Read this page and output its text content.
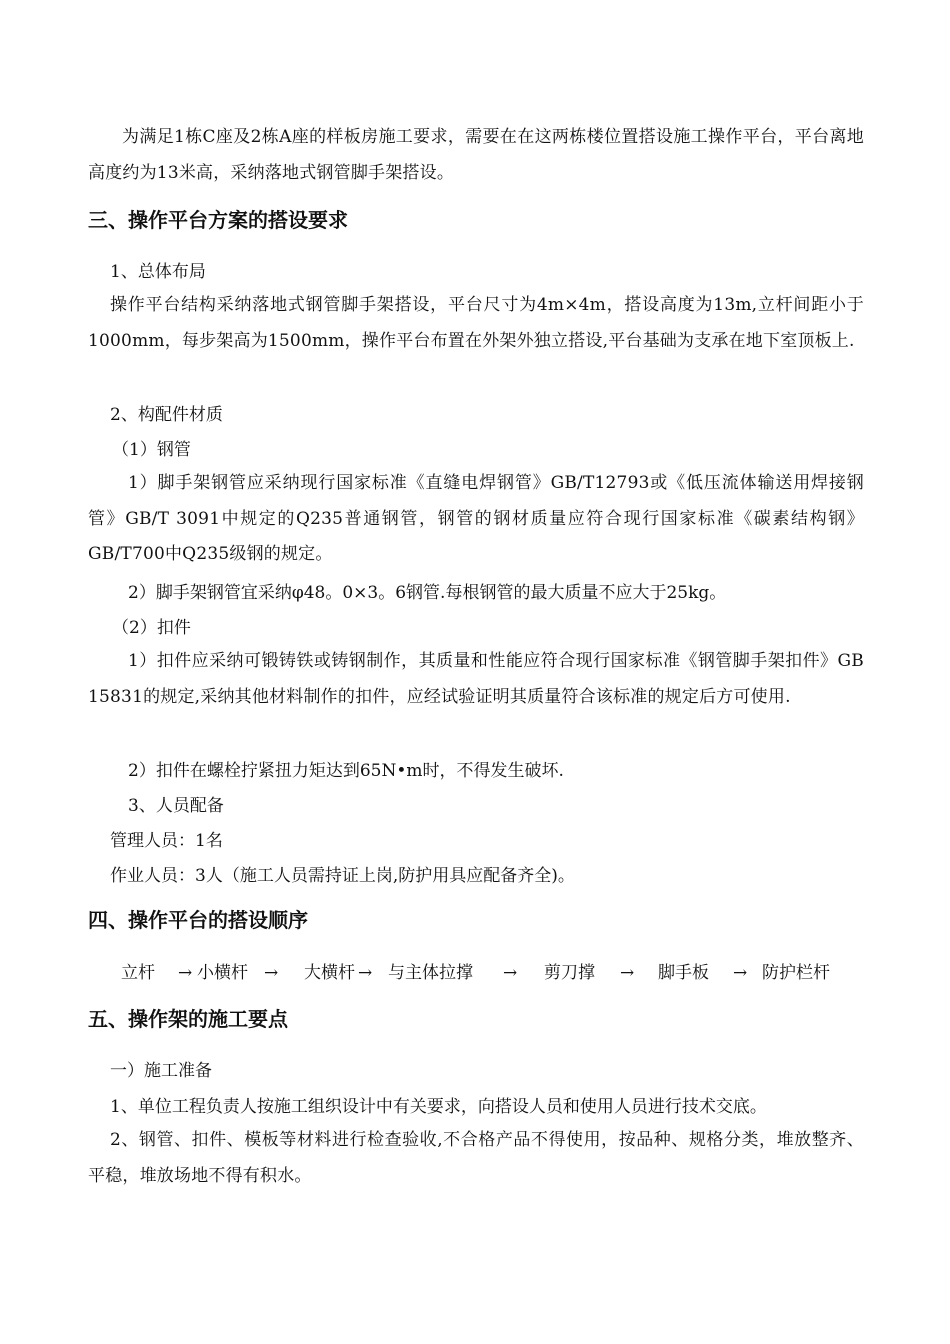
为满足1栋C座及2栋A座的样板房施工要求，需要在在这两栋楼位置搭设施工操作平台，平台离地高度约为13米高，采纳落地式钢管脚手架搭设。

三、操作平台方案的搭设要求

1、总体布局

操作平台结构采纳落地式钢管脚手架搭设，平台尺寸为4m×4m，搭设高度为13m,立杆间距小于1000mm，每步架高为1500mm，操作平台布置在外架外独立搭设,平台基础为支承在地下室顶板上.

2、构配件材质

（1）钢管

1）脚手架钢管应采纳现行国家标准《直缝电焊钢管》GB/T12793或《低压流体输送用焊接钢管》GB/T 3091中规定的Q235普通钢管，钢管的钢材质量应符合现行国家标准《碳素结构钢》GB/T700中Q235级钢的规定。

2）脚手架钢管宜采纳φ48。0×3。6钢管.每根钢管的最大质量不应大于25kg。

（2）扣件

1）扣件应采纳可锻铸铁或铸钢制作，其质量和性能应符合现行国家标准《钢管脚手架扣件》GB 15831的规定,采纳其他材料制作的扣件，应经试验证明其质量符合该标准的规定后方可使用.

2）扣件在螺栓拧紧扭力矩达到65N•m时，不得发生破坏.

3、人员配备

管理人员：1名

作业人员：3人（施工人员需持证上岗,防护用具应配备齐全)。

四、操作平台的搭设顺序
立杆 → 小横杆 → 大横杆 → 与主体拉撑 → 剪刀撑 → 脚手板 → 防护栏杆
五、操作架的施工要点

一）施工准备

1、单位工程负责人按施工组织设计中有关要求，向搭设人员和使用人员进行技术交底。

2、钢管、扣件、模板等材料进行检查验收,不合格产品不得使用，按品种、规格分类，堆放整齐、平稳，堆放场地不得有积水。
